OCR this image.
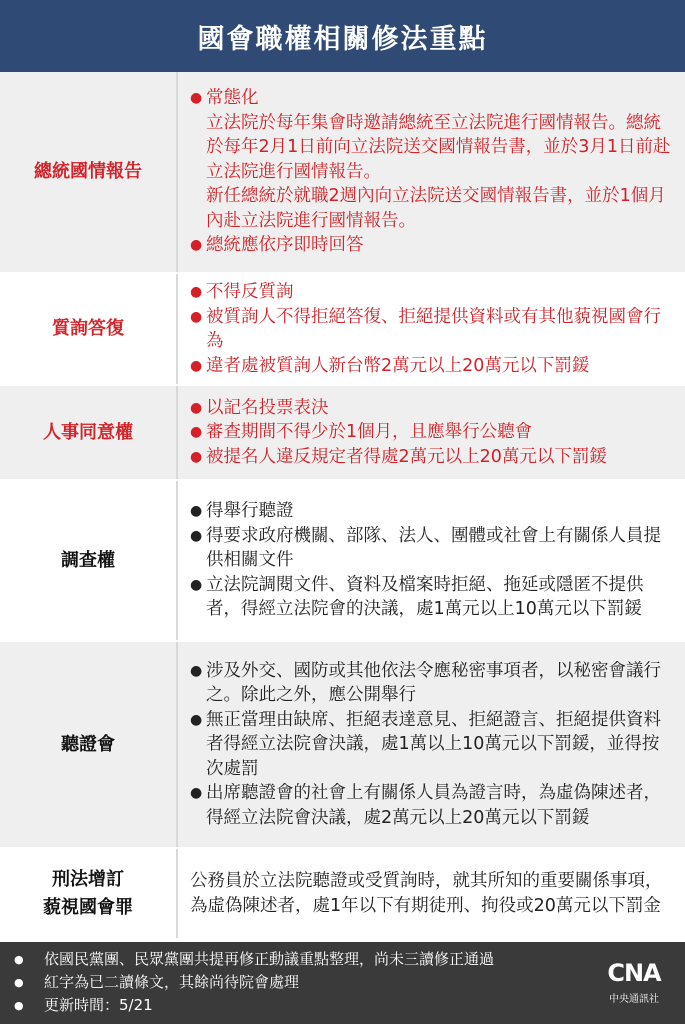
國會職權相關修法重點
總統國情報告
● 常態化
立法院於每年集會時邀請總統至立法院進行國情報告。總統於每年2月1日前向立法院送交國情報告書，並於3月1日前赴立法院進行國情報告。
新任總統於就職2週內向立法院送交國情報告書，並於1個月內赴立法院進行國情報告。
● 總統應依序即時回答
質詢答復
● 不得反質詢
● 被質詢人不得拒絕答復、拒絕提供資料或有其他藐視國會行為
● 違者處被質詢人新台幣2萬元以上20萬元以下罰鍰
人事同意權
● 以記名投票表決
● 審查期間不得少於1個月，且應舉行公聽會
● 被提名人違反規定者得處2萬元以上20萬元以下罰鍰
調查權
● 得舉行聽證
● 得要求政府機關、部隊、法人、團體或社會上有關係人員提供相關文件
● 立法院調閱文件、資料及檔案時拒絕、拖延或隱匿不提供者，得經立法院會的決議，處1萬元以上10萬元以下罰鍰
聽證會
● 涉及外交、國防或其他依法令應秘密事項者，以秘密會議行之。除此之外，應公開舉行
● 無正當理由缺席、拒絕表達意見、拒絕證言、拒絕提供資料者得經立法院會決議，處1萬以上10萬元以下罰鍰，並得按次處罰
● 出席聽證會的社會上有關係人員為證言時，為虛偽陳述者，得經立法院會決議，處2萬元以上20萬元以下罰鍰
刑法增訂
藐視國會罪
公務員於立法院聽證或受質詢時，就其所知的重要關係事項，為虛偽陳述者，處1年以下有期徒刑、拘役或20萬元以下罰金
●	依國民黨團、民眾黨團共提再修正動議重點整理，尚未三讀修正通過
●	紅字為已二讀條文，其餘尚待院會處理
●	更新時間：5/21
CNA
中央通訊社
